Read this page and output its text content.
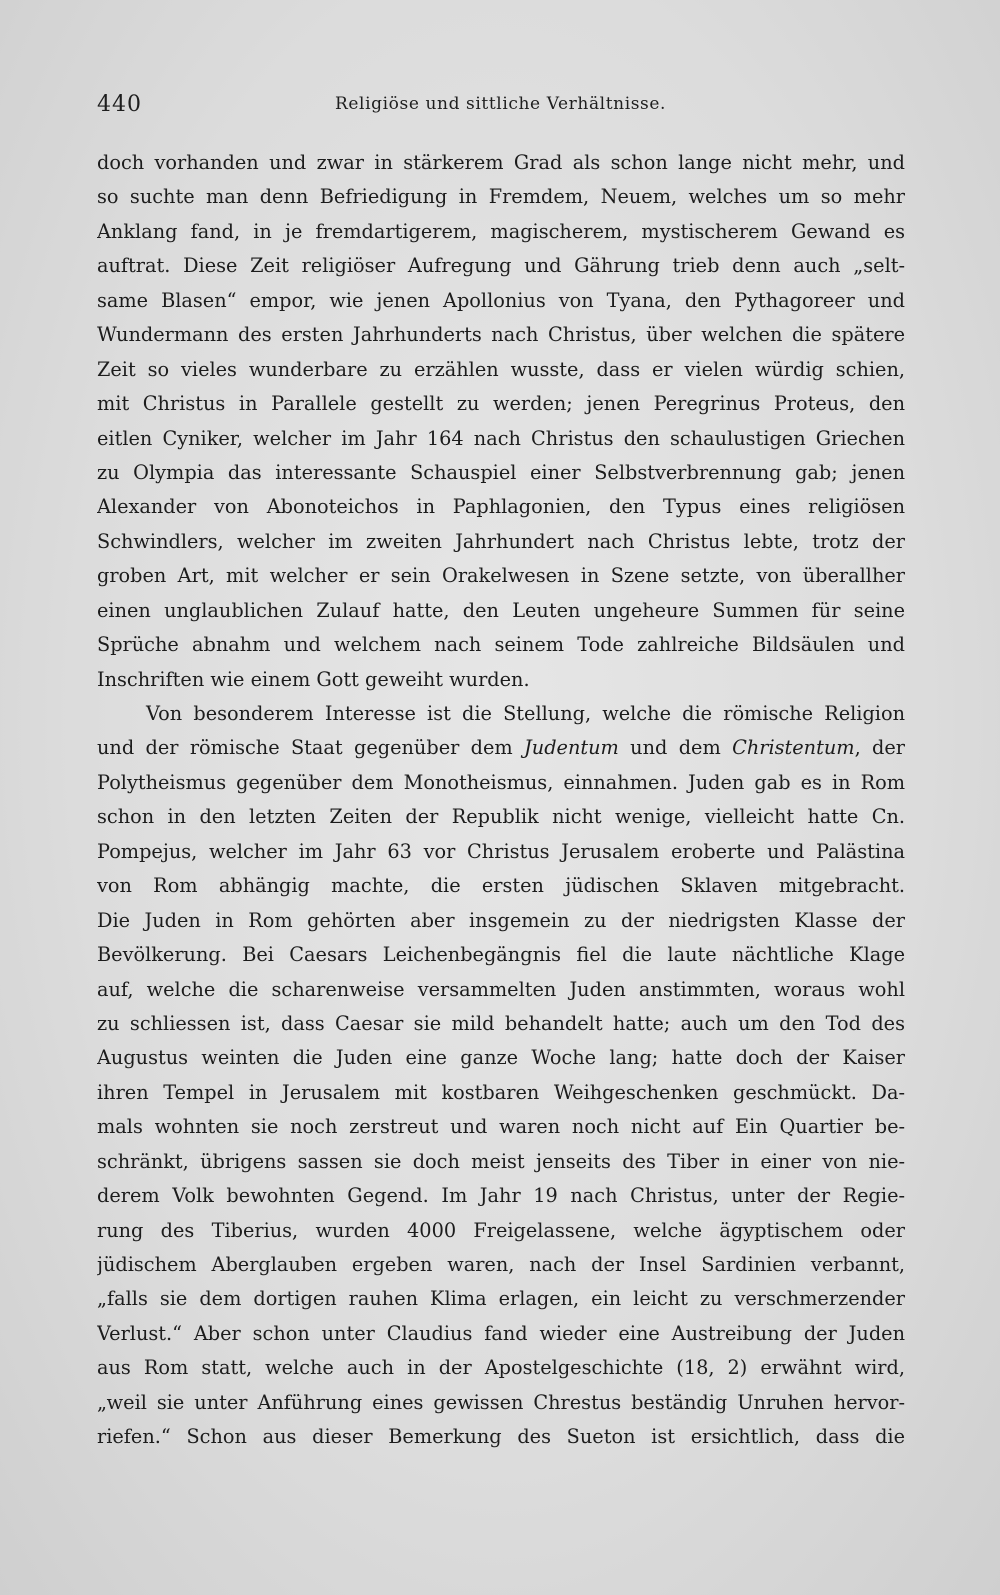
440	Religiöse und sittliche Verhältnisse.
doch vorhanden und zwar in stärkerem Grad als schon lange nicht mehr, und
so suchte man denn Befriedigung in Fremdem, Neuem, welches um so mehr
Anklang fand, in je fremdartigerem, magischerem, mystischerem Gewand es
auftrat. Diese Zeit religiöser Aufregung und Gährung trieb denn auch „selt-
same Blasen“ empor, wie jenen Apollonius von Tyana, den Pythagoreer und
Wundermann des ersten Jahrhunderts nach Christus, über welchen die spätere
Zeit so vieles wunderbare zu erzählen wusste, dass er vielen würdig schien,
mit Christus in Parallele gestellt zu werden; jenen Peregrinus Proteus, den
eitlen Cyniker, welcher im Jahr 164 nach Christus den schaulustigen Griechen
zu Olympia das interessante Schauspiel einer Selbstverbrennung gab; jenen
Alexander von Abonoteichos in Paphlagonien, den Typus eines religiösen
Schwindlers, welcher im zweiten Jahrhundert nach Christus lebte, trotz der
groben Art, mit welcher er sein Orakelwesen in Szene setzte, von überallher
einen unglaublichen Zulauf hatte, den Leuten ungeheure Summen für seine
Sprüche abnahm und welchem nach seinem Tode zahlreiche Bildsäulen und
Inschriften wie einem Gott geweiht wurden.
Von besonderem Interesse ist die Stellung, welche die römische Religion
und der römische Staat gegenüber dem Judentum und dem Christentum, der
Polytheismus gegenüber dem Monotheismus, einnahmen. Juden gab es in Rom
schon in den letzten Zeiten der Republik nicht wenige, vielleicht hatte Cn.
Pompejus, welcher im Jahr 63 vor Christus Jerusalem eroberte und Palästina
von Rom abhängig machte, die ersten jüdischen Sklaven mitgebracht.
Die Juden in Rom gehörten aber insgemein zu der niedrigsten Klasse der
Bevölkerung. Bei Caesars Leichenbegängnis fiel die laute nächtliche Klage
auf, welche die scharenweise versammelten Juden anstimmten, woraus wohl
zu schliessen ist, dass Caesar sie mild behandelt hatte; auch um den Tod des
Augustus weinten die Juden eine ganze Woche lang; hatte doch der Kaiser
ihren Tempel in Jerusalem mit kostbaren Weihgeschenken geschmückt. Da-
mals wohnten sie noch zerstreut und waren noch nicht auf Ein Quartier be-
schränkt, übrigens sassen sie doch meist jenseits des Tiber in einer von nie-
derem Volk bewohnten Gegend. Im Jahr 19 nach Christus, unter der Regie-
rung des Tiberius, wurden 4000 Freigelassene, welche ägyptischem oder
jüdischem Aberglauben ergeben waren, nach der Insel Sardinien verbannt,
„falls sie dem dortigen rauhen Klima erlagen, ein leicht zu verschmerzender
Verlust.“ Aber schon unter Claudius fand wieder eine Austreibung der Juden
aus Rom statt, welche auch in der Apostelgeschichte (18, 2) erwähnt wird,
„weil sie unter Anführung eines gewissen Chrestus beständig Unruhen hervor-
riefen.“ Schon aus dieser Bemerkung des Sueton ist ersichtlich, dass die
